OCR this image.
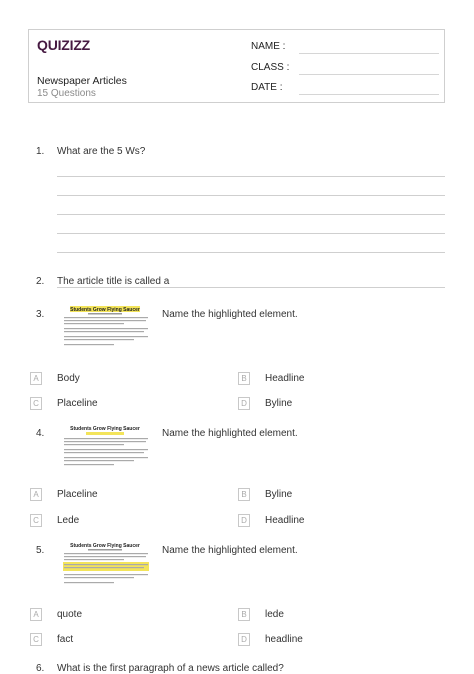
QUIZIZZ
Newspaper Articles
15 Questions
NAME :
CLASS :
DATE :
1. What are the 5 Ws?
2. The article title is called a
3.	Students Grow Flying Saucer Name the highlighted element.
A	Body	B	Headline
C	Placeline	D	Byline
4.	Students Grow Flying Saucer Name the highlighted element.
A	Placeline	B	Byline
C	Lede	D	Headline
5.	Students Grow Flying Saucer Name the highlighted element.
A	quote	B	lede
C	fact	D	headline
6. What is the first paragraph of a news article called?
